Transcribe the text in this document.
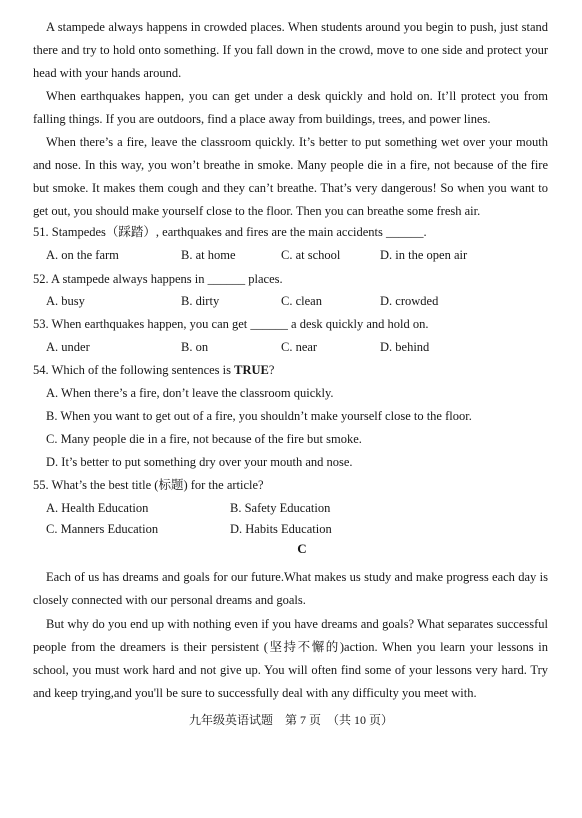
A stampede always happens in crowded places. When students around you begin to push, just stand there and try to hold onto something. If you fall down in the crowd, move to one side and protect your head with your hands around.

When earthquakes happen, you can get under a desk quickly and hold on. It’ll protect you from falling things. If you are outdoors, find a place away from buildings, trees, and power lines.

When there’s a fire, leave the classroom quickly. It’s better to put something wet over your mouth and nose. In this way, you won’t breathe in smoke. Many people die in a fire, not because of the fire but smoke. It makes them cough and they can’t breathe. That’s very dangerous! So when you want to get out, you should make yourself close to the floor. Then you can breathe some fresh air.

51. Stampedes（踩踏）, earthquakes and fires are the main accidents ______.
A. on the farm	B. at home	C. at school	D. in the open air
52. A stampede always happens in ______ places.
A. busy	B. dirty	C. clean	D. crowded
53. When earthquakes happen, you can get ______ a desk quickly and hold on.
A. under	B. on	C. near	D. behind
54. Which of the following sentences is TRUE?
A. When there’s a fire, don’t leave the classroom quickly.
B. When you want to get out of a fire, you shouldn’t make yourself close to the floor.
C. Many people die in a fire, not because of the fire but smoke.
D. It’s better to put something dry over your mouth and nose.
55. What’s the best title (标题) for the article?
A. Health Education	B. Safety Education
C. Manners Education	D. Habits Education
C

Each of us has dreams and goals for our future.What makes us study and make progress each day is closely connected with our personal dreams and goals.

But why do you end up with nothing even if you have dreams and goals? What separates successful people from the dreamers is their persistent (坚持不懈的)action. When you learn your lessons in school, you must work hard and not give up. You will often find some of your lessons very hard. Try and keep trying,and you'll be sure to successfully deal with any difficulty you meet with.

九年级英语试题　第 7 页　（共 10 页）
